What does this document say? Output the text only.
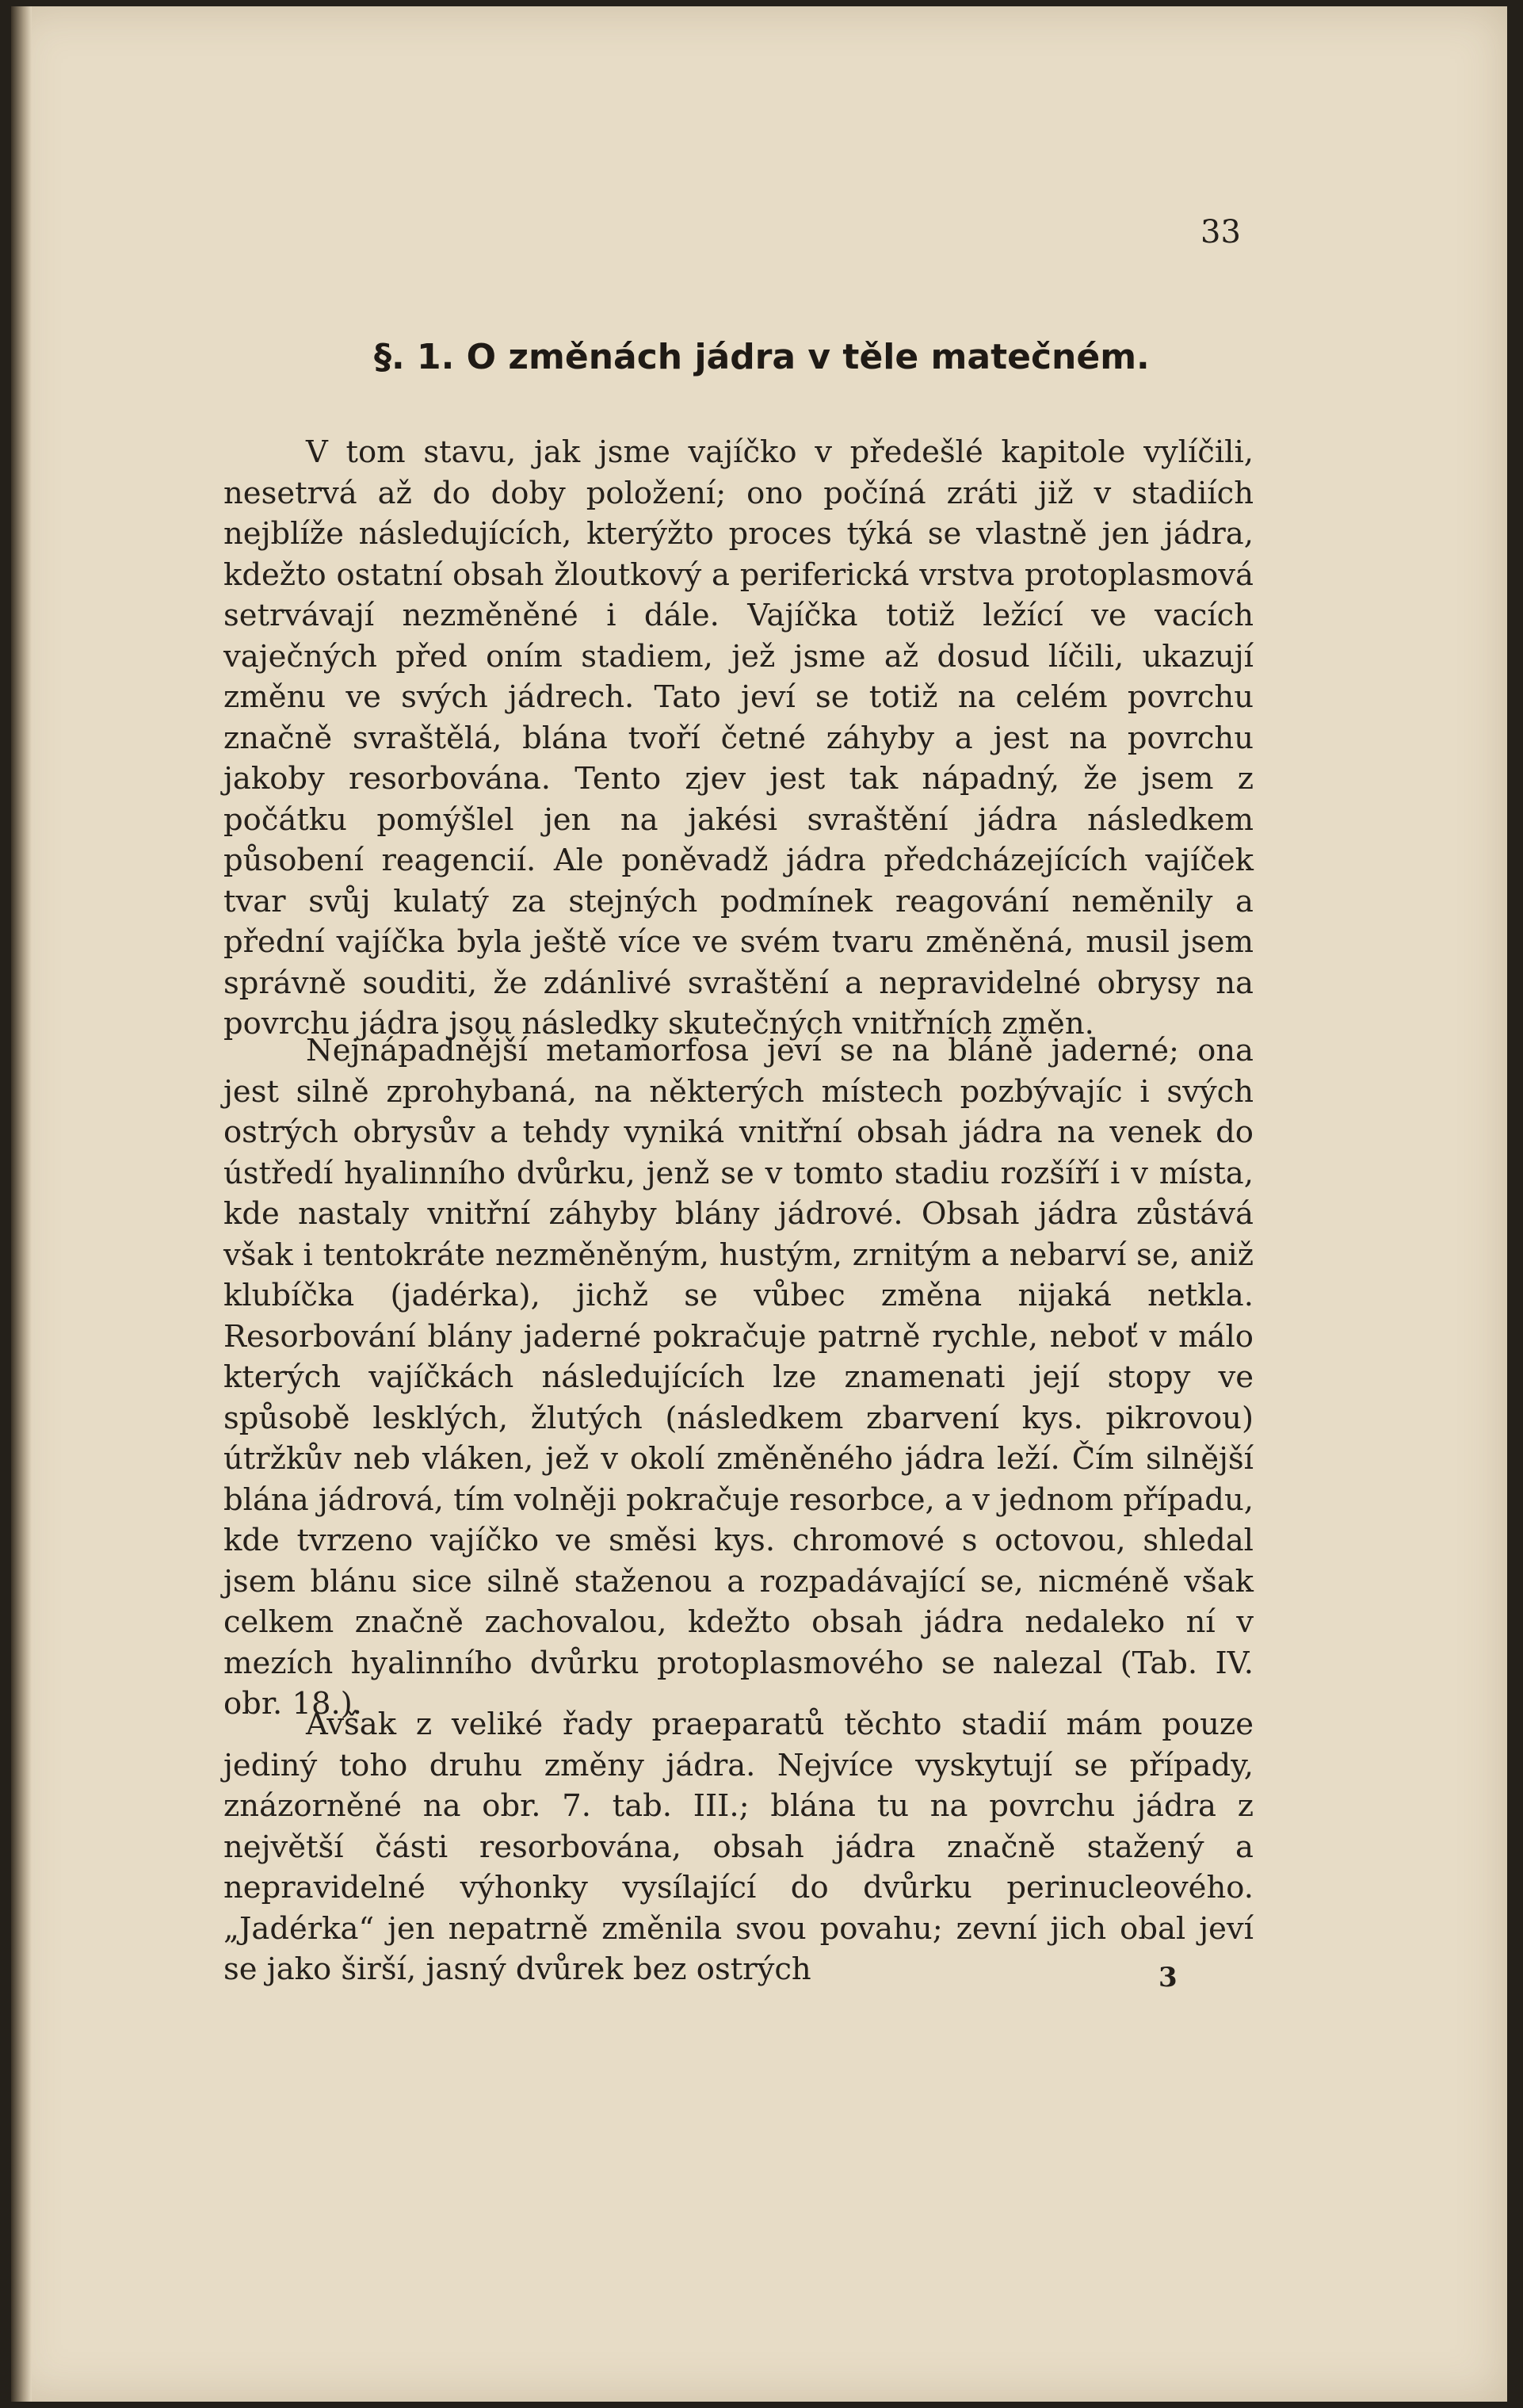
33
§. 1. O změnách jádra v těle matečném.

V tom stavu, jak jsme vajíčko v předešlé kapitole vylíčili, nesetrvá až do doby položení; ono počíná zráti již v stadiích nejblíže následujících, kterýžto proces týká se vlastně jen jádra, kdežto ostatní obsah žloutkový a periferická vrstva protoplasmová setrvávají nezměněné i dále. Vajíčka totiž ležící ve vacích vaječných před oním stadiem, jež jsme až dosud líčili, ukazují změnu ve svých jádrech. Tato jeví se totiž na celém povrchu značně svraštělá, blána tvoří četné záhyby a jest na povrchu jakoby resorbována. Tento zjev jest tak nápadný, že jsem z počátku pomýšlel jen na jakési svraštění jádra následkem působení reagencií. Ale poněvadž jádra předcházejících vajíček tvar svůj kulatý za stejných podmínek reagování neměnily a přední vajíčka byla ještě více ve svém tvaru změněná, musil jsem správně souditi, že zdánlivé svraštění a nepravidelné obrysy na povrchu jádra jsou následky skutečných vnitřních změn.

Nejnápadnější metamorfosa jeví se na bláně jaderné; ona jest silně zprohybaná, na některých místech pozbývajíc i svých ostrých obrysův a tehdy vyniká vnitřní obsah jádra na venek do ústředí hyalinního dvůrku, jenž se v tomto stadiu rozšíří i v místa, kde nastaly vnitřní záhyby blány jádrové. Obsah jádra zůstává však i tentokráte nezměněným, hustým, zrnitým a nebarví se, aniž klubíčka (jadérka), jichž se vůbec změna nijaká netkla. Resorbování blány jaderné pokračuje patrně rychle, neboť v málo kterých vajíčkách následujících lze znamenati její stopy ve spůsobě lesklých, žlutých (následkem zbarvení kys. pikrovou) útržkův neb vláken, jež v okolí změněného jádra leží. Čím silnější blána jádrová, tím volněji pokračuje resorbce, a v jednom případu, kde tvrzeno vajíčko ve směsi kys. chromové s octovou, shledal jsem blánu sice silně staženou a rozpadávající se, nicméně však celkem značně zachovalou, kdežto obsah jádra nedaleko ní v mezích hyalinního dvůrku protoplasmového se nalezal (Tab. IV. obr. 18.).

Avšak z veliké řady praeparatů těchto stadií mám pouze jediný toho druhu změny jádra. Nejvíce vyskytují se případy, znázorněné na obr. 7. tab. III.; blána tu na povrchu jádra z největší části resorbována, obsah jádra značně stažený a nepravidelné výhonky vysílající do dvůrku perinucleového. „Jadérka“ jen nepatrně změnila svou povahu; zevní jich obal jeví se jako širší, jasný dvůrek bez ostrých	3
